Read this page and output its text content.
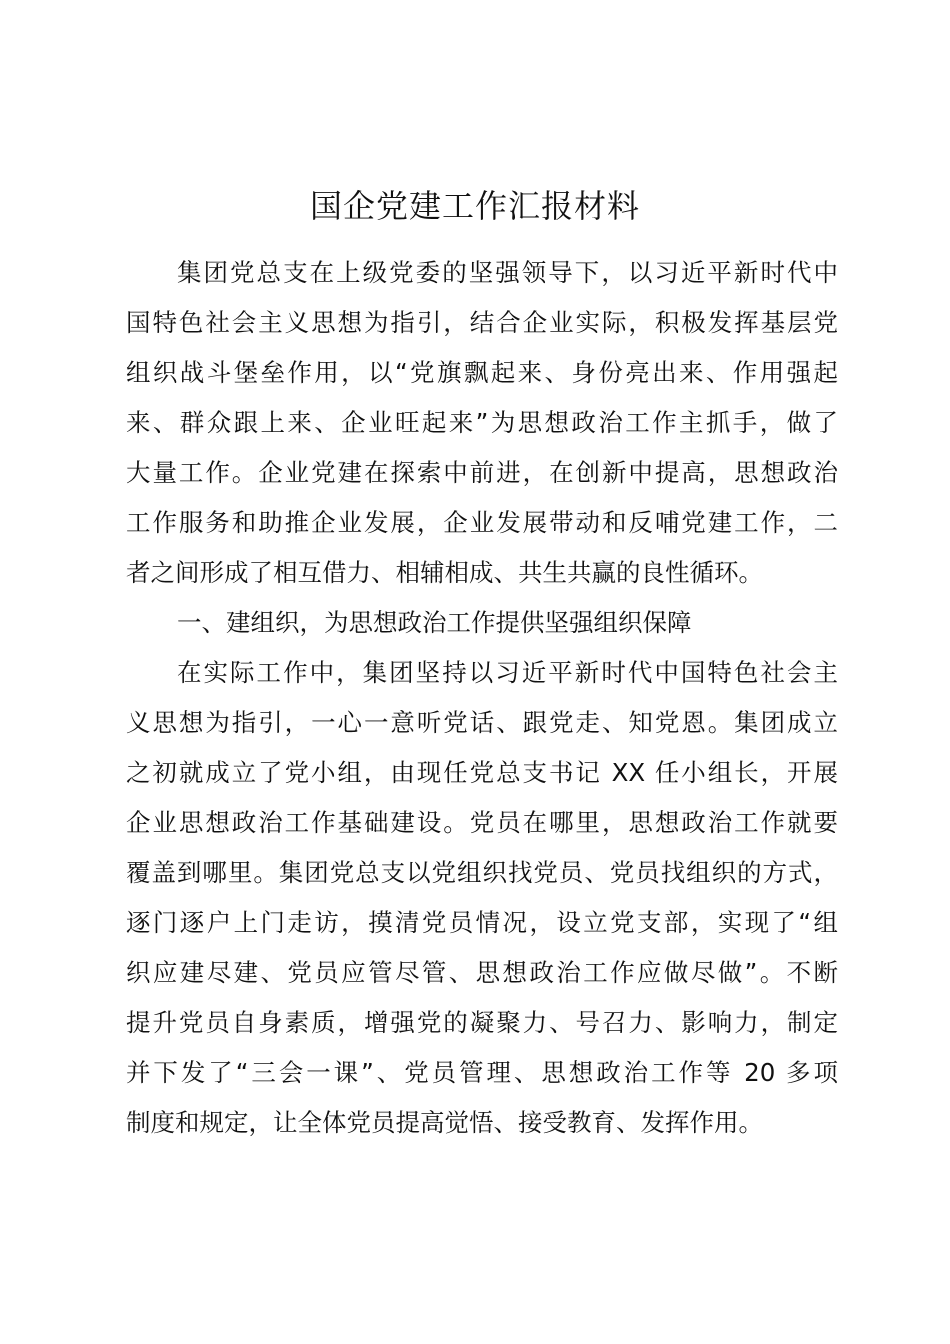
国企党建工作汇报材料

集团党总支在上级党委的坚强领导下，以习近平新时代中

国特色社会主义思想为指引，结合企业实际，积极发挥基层党

组织战斗堡垒作用，以“党旗飘起来、身份亮出来、作用强起

来、群众跟上来、企业旺起来”为思想政治工作主抓手，做了

大量工作。企业党建在探索中前进，在创新中提高，思想政治

工作服务和助推企业发展，企业发展带动和反哺党建工作，二

者之间形成了相互借力、相辅相成、共生共赢的良性循环。

一、建组织，为思想政治工作提供坚强组织保障

在实际工作中，集团坚持以习近平新时代中国特色社会主

义思想为指引，一心一意听党话、跟党走、知党恩。集团成立

之初就成立了党小组，由现任党总支书记 XX 任小组长，开展

企业思想政治工作基础建设。党员在哪里，思想政治工作就要

覆盖到哪里。集团党总支以党组织找党员、党员找组织的方式，

逐门逐户上门走访，摸清党员情况，设立党支部，实现了“组

织应建尽建、党员应管尽管、思想政治工作应做尽做”。不断

提升党员自身素质，增强党的凝聚力、号召力、影响力，制定

并下发了“三会一课”、党员管理、思想政治工作等 20 多项

制度和规定，让全体党员提高觉悟、接受教育、发挥作用。
